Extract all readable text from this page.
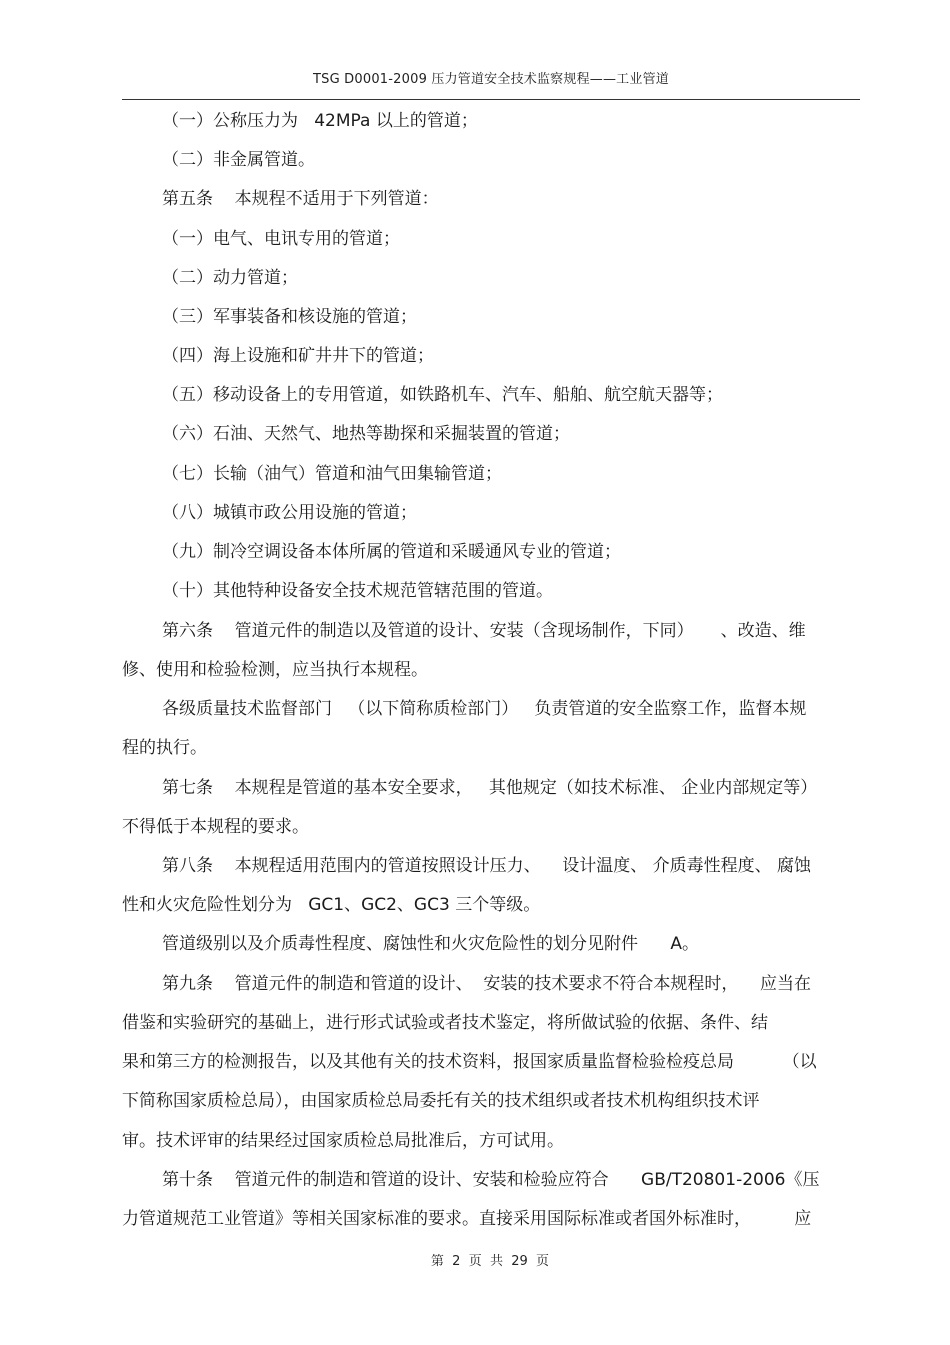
TSG D0001-2009 压力管道安全技术监察规程——工业管道
（一）公称压力为   42MPa 以上的管道；
（二）非金属管道。
第五条    本规程不适用于下列管道：
（一）电气、电讯专用的管道；
（二）动力管道；
（三）军事装备和核设施的管道；
（四）海上设施和矿井井下的管道；
（五）移动设备上的专用管道，如铁路机车、汽车、船舶、航空航天器等；
（六）石油、天然气、地热等勘探和采掘装置的管道；
（七）长输（油气）管道和油气田集输管道；
（八）城镇市政公用设施的管道；
（九）制冷空调设备本体所属的管道和采暖通风专业的管道；
（十）其他特种设备安全技术规范管辖范围的管道。
第六条    管道元件的制造以及管道的设计、安装（含现场制作，下同）     、改造、维
修、使用和检验检测，应当执行本规程。
各级质量技术监督部门   （以下简称质检部门）   负责管道的安全监察工作，监督本规
程的执行。
第七条    本规程是管道的基本安全要求，   其他规定（如技术标准、 企业内部规定等）
不得低于本规程的要求。
第八条    本规程适用范围内的管道按照设计压力、    设计温度、 介质毒性程度、 腐蚀
性和火灾危险性划分为   GC1、GC2、GC3 三个等级。
管道级别以及介质毒性程度、腐蚀性和火灾危险性的划分见附件      A。
第九条    管道元件的制造和管道的设计、  安装的技术要求不符合本规程时，    应当在
借鉴和实验研究的基础上，进行形式试验或者技术鉴定，将所做试验的依据、条件、结
果和第三方的检测报告，以及其他有关的技术资料，报国家质量监督检验检疫总局         （以
下简称国家质检总局），由国家质检总局委托有关的技术组织或者技术机构组织技术评
审。技术评审的结果经过国家质检总局批准后，方可试用。
第十条    管道元件的制造和管道的设计、安装和检验应符合      GB/T20801-2006《压
力管道规范工业管道》等相关国家标准的要求。直接采用国际标准或者国外标准时，        应
第  2  页  共  29  页
